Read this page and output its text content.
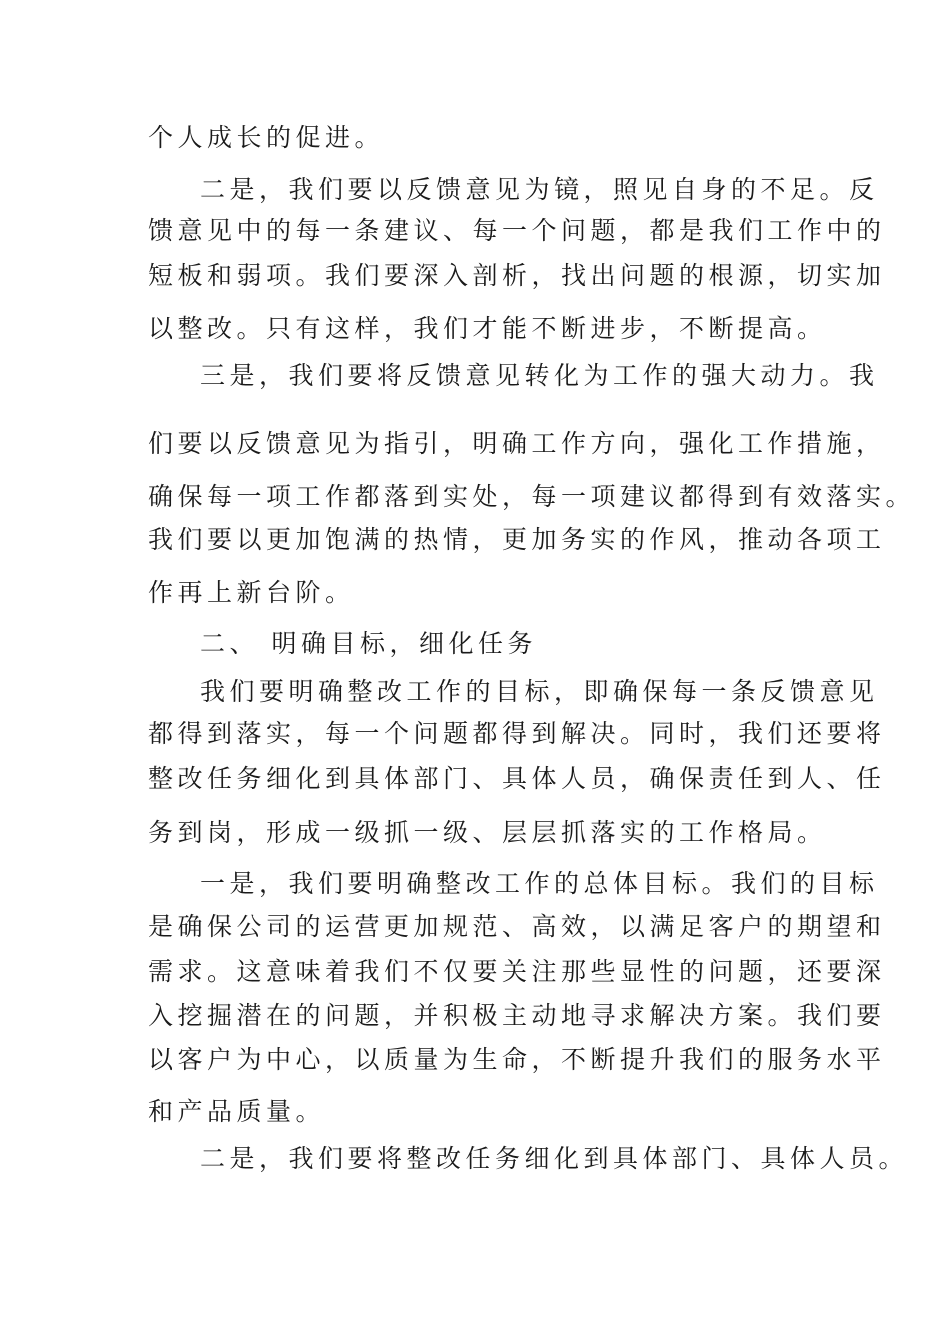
个人成长的促进。
二是，我们要以反馈意见为镜，照见自身的不足。反
馈意见中的每一条建议、每一个问题，都是我们工作中的
短板和弱项。我们要深入剖析，找出问题的根源，切实加
以整改。只有这样，我们才能不断进步，不断提高。
三是，我们要将反馈意见转化为工作的强大动力。我
们要以反馈意见为指引，明确工作方向，强化工作措施，
确保每一项工作都落到实处，每一项建议都得到有效落实。
我们要以更加饱满的热情，更加务实的作风，推动各项工
作再上新台阶。
二、 明确目标，细化任务
我们要明确整改工作的目标，即确保每一条反馈意见
都得到落实，每一个问题都得到解决。同时，我们还要将
整改任务细化到具体部门、具体人员，确保责任到人、任
务到岗，形成一级抓一级、层层抓落实的工作格局。
一是，我们要明确整改工作的总体目标。我们的目标
是确保公司的运营更加规范、高效，以满足客户的期望和
需求。这意味着我们不仅要关注那些显性的问题，还要深
入挖掘潜在的问题，并积极主动地寻求解决方案。我们要
以客户为中心，以质量为生命，不断提升我们的服务水平
和产品质量。
二是，我们要将整改任务细化到具体部门、具体人员。
